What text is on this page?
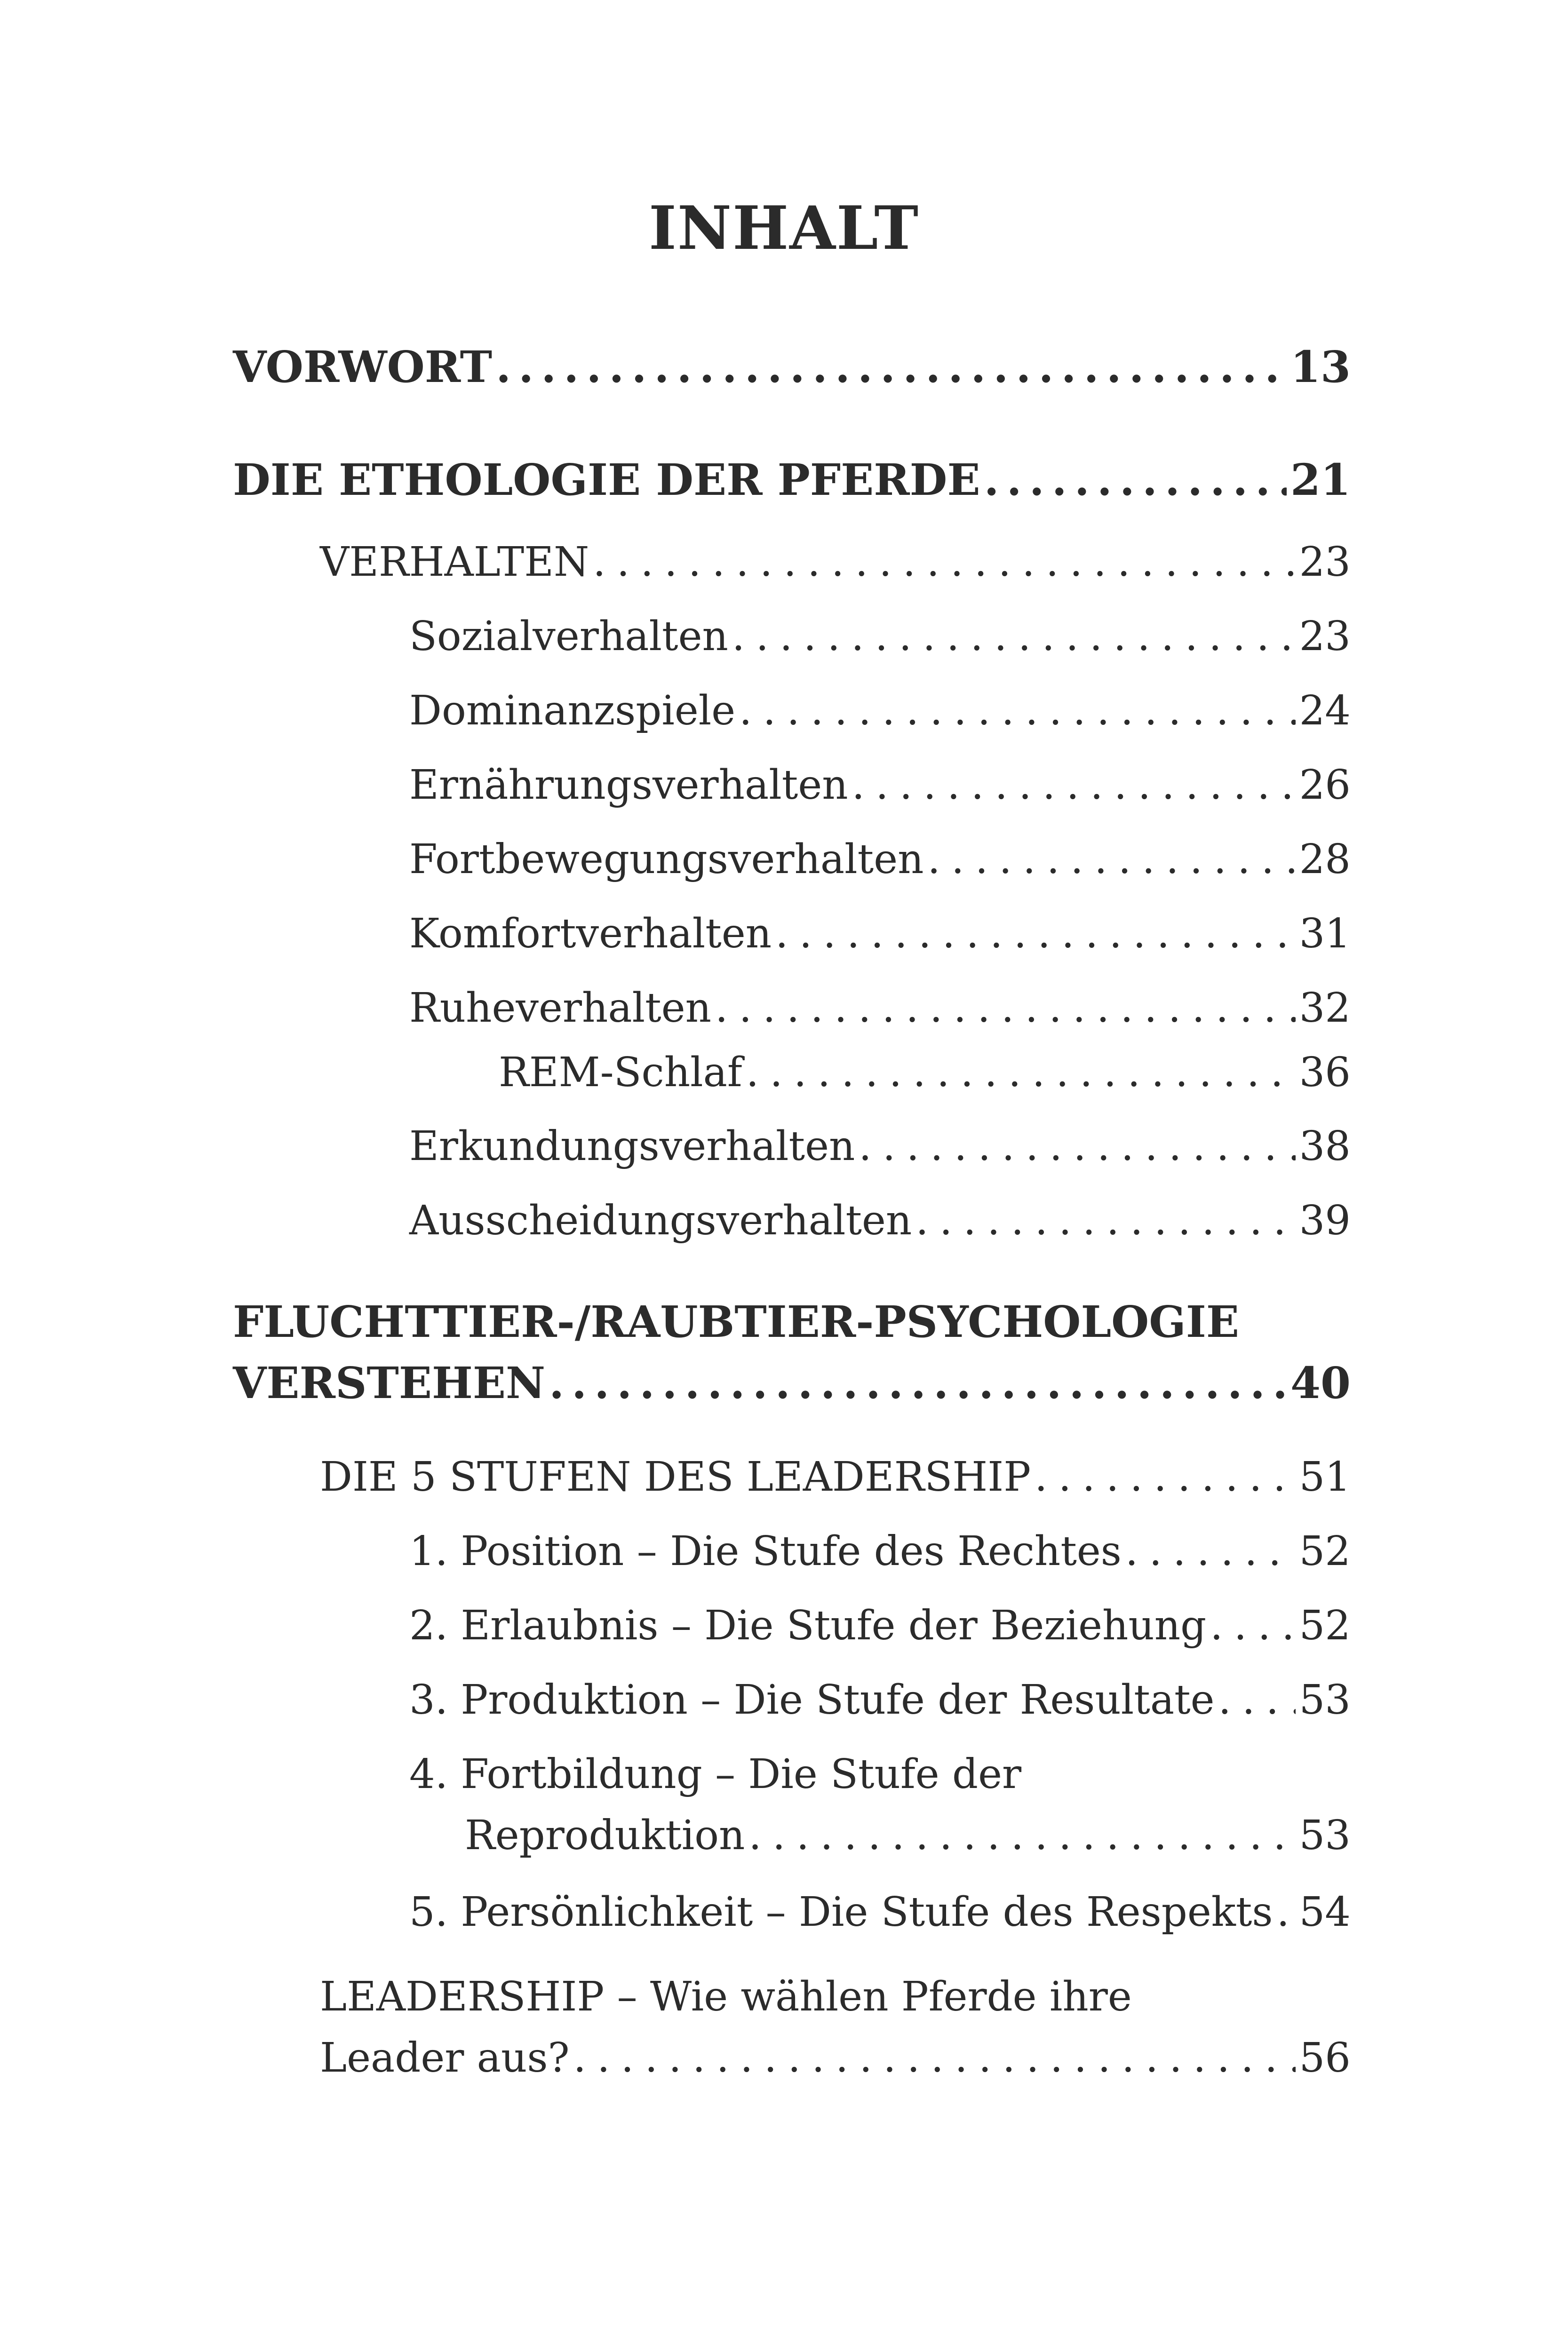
INHALT
VORWORT . . .	13
DIE ETHOLOGIE DER PFERDE . . .	21
VERHALTEN . . .	23
Sozialverhalten . . .	23
Dominanzspiele . . .	24
Ernährungsverhalten . . .	26
Fortbewegungsverhalten . . .	28
Komfortverhalten . . .	31
Ruheverhalten . . .	32
REM-Schlaf . . .	36
Erkundungsverhalten . . .	38
Ausscheidungsverhalten . . .	39
FLUCHTTIER-/RAUBTIER-PSYCHOLOGIE
VERSTEHEN . . .	40
DIE 5 STUFEN DES LEADERSHIP . . .	51
1. Position – Die Stufe des Rechtes . . .	52
2. Erlaubnis – Die Stufe der Beziehung . . . 52
3. Produktion – Die Stufe der Resultate . . . 53
4. Fortbildung – Die Stufe der
Reproduktion . . .	53
5. Persönlichkeit – Die Stufe des Respekts . . . 54
LEADERSHIP – Wie wählen Pferde ihre
Leader aus? . . .	56
